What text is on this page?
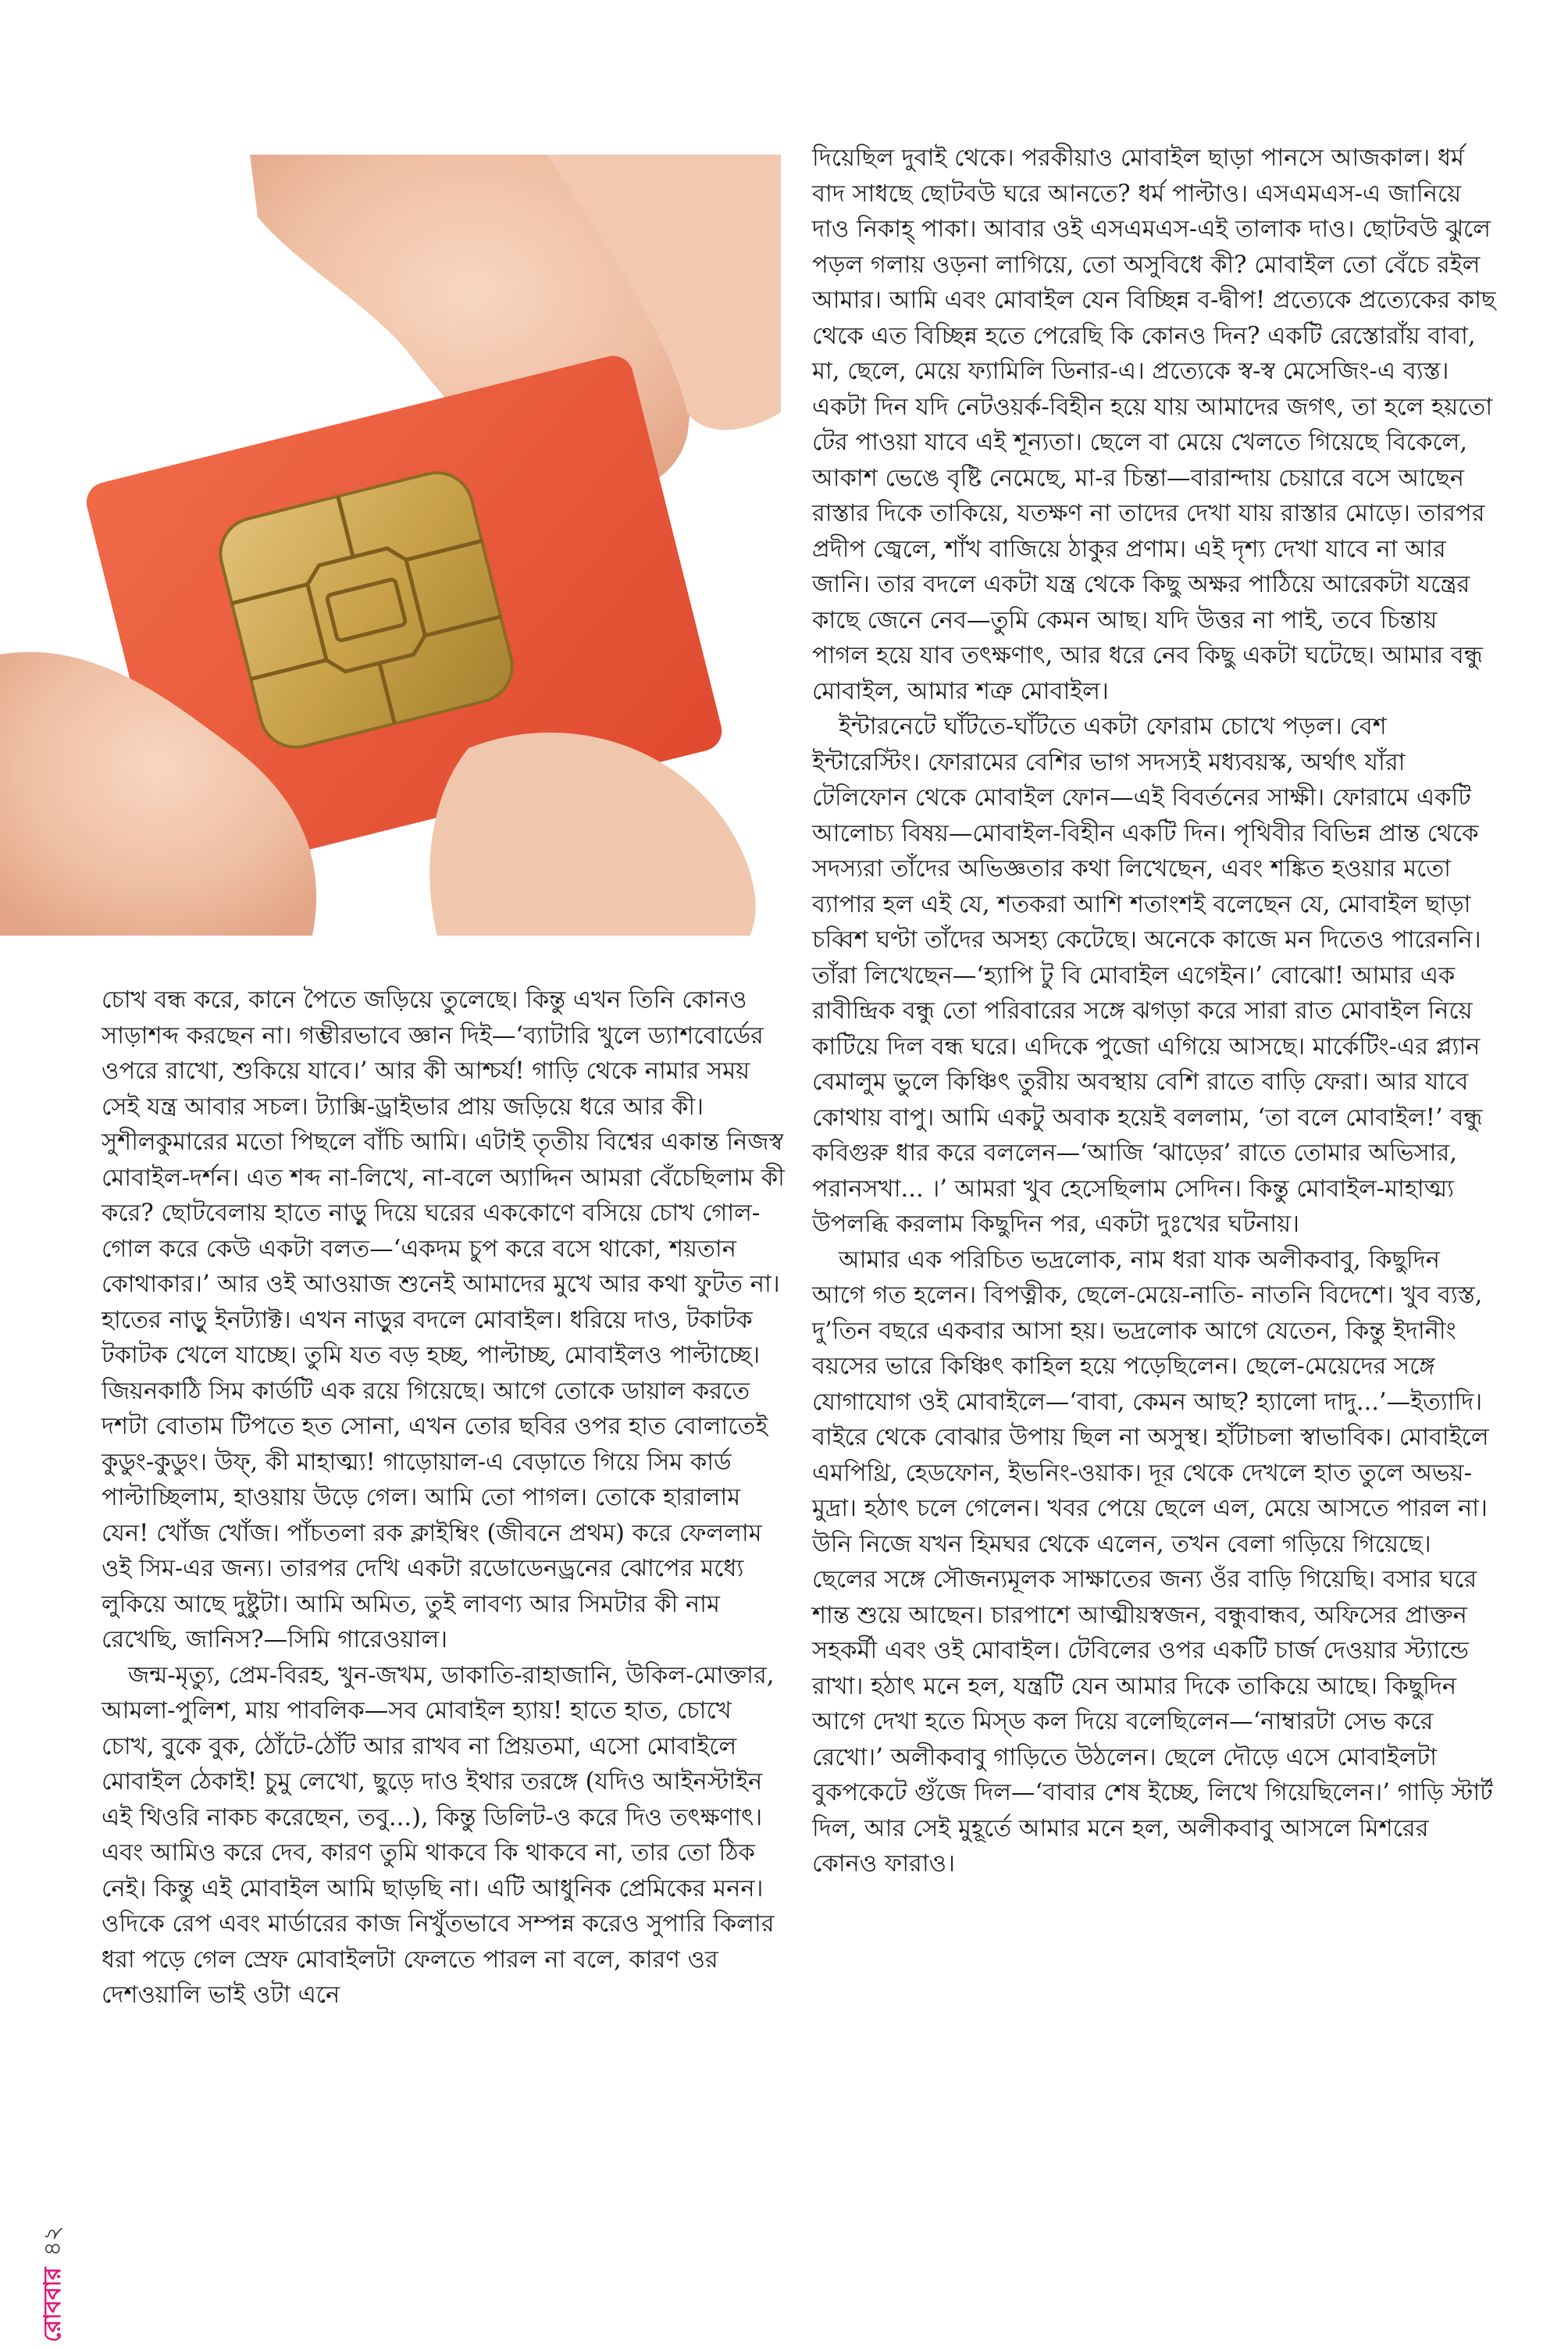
চোখ বন্ধ করে, কানে পৈতে জড়িয়ে তুলেছে। কিন্তু এখন তিনি কোনও সাড়াশব্দ করছেন না। গম্ভীরভাবে জ্ঞান দিই—‘ব্যাটারি খুলে ড্যাশবোর্ডের ওপরে রাখো, শুকিয়ে যাবে।’ আর কী আশ্চর্য! গাড়ি থেকে নামার সময় সেই যন্ত্র আবার সচল। ট্যাক্সি-ড্রাইভার প্রায় জড়িয়ে ধরে আর কী। সুশীলকুমারের মতো পিছলে বাঁচি আমি। এটাই তৃতীয় বিশ্বের একান্ত নিজস্ব মোবাইল-দর্শন। এত শব্দ না-লিখে, না-বলে অ্যাদ্দিন আমরা বেঁচেছিলাম কী করে? ছোটবেলায় হাতে নাড়ু দিয়ে ঘরের এককোণে বসিয়ে চোখ গোল-গোল করে কেউ একটা বলত—‘একদম চুপ করে বসে থাকো, শয়তান কোথাকার।’ আর ওই আওয়াজ শুনেই আমাদের মুখে আর কথা ফুটত না। হাতের নাড়ু ইনট্যাক্ট। এখন নাড়ুর বদলে মোবাইল। ধরিয়ে দাও, টকাটক টকাটক খেলে যাচ্ছে। তুমি যত বড় হচ্ছ, পাল্টাচ্ছ, মোবাইলও পাল্টাচ্ছে। জিয়নকাঠি সিম কার্ডটি এক রয়ে গিয়েছে। আগে তোকে ডায়াল করতে দশটা বোতাম টিপতে হত সোনা, এখন তোর ছবির ওপর হাত বোলাতেই কুডুং-কুডুং। উফ্‌, কী মাহাত্ম্য! গাড়োয়াল-এ বেড়াতে গিয়ে সিম কার্ড পাল্টাচ্ছিলাম, হাওয়ায় উড়ে গেল। আমি তো পাগল। তোকে হারালাম যেন! খোঁজ খোঁজ। পাঁচতলা রক ক্লাইম্বিং (জীবনে প্রথম) করে ফেললাম ওই সিম-এর জন্য। তারপর দেখি একটা রডোডেনড্রনের ঝোপের মধ্যে লুকিয়ে আছে দুষ্টুটা। আমি অমিত, তুই লাবণ্য আর সিমটার কী নাম রেখেছি, জানিস?—সিমি গারেওয়াল।

জন্ম-মৃত্যু, প্রেম-বিরহ, খুন-জখম, ডাকাতি-রাহাজানি, উকিল-মোক্তার, আমলা-পুলিশ, মায় পাবলিক—সব মোবাইল হ্যায়! হাতে হাত, চোখে চোখ, বুকে বুক, ঠোঁটে-ঠোঁট আর রাখব না প্রিয়তমা, এসো মোবাইলে মোবাইল ঠেকাই! চুমু লেখো, ছুড়ে দাও ইথার তরঙ্গে (যদিও আইনস্টাইন এই থিওরি নাকচ করেছেন, তবু...), কিন্তু ডিলিট-ও করে দিও তৎক্ষণাৎ। এবং আমিও করে দেব, কারণ তুমি থাকবে কি থাকবে না, তার তো ঠিক নেই। কিন্তু এই মোবাইল আমি ছাড়ছি না। এটি আধুনিক প্রেমিকের মনন। ওদিকে রেপ এবং মার্ডারের কাজ নিখুঁতভাবে সম্পন্ন করেও সুপারি কিলার ধরা পড়ে গেল স্রেফ মোবাইলটা ফেলতে পারল না বলে, কারণ ওর দেশওয়ালি ভাই ওটা এনে

দিয়েছিল দুবাই থেকে। পরকীয়াও মোবাইল ছাড়া পানসে আজকাল। ধর্ম বাদ সাধছে ছোটবউ ঘরে আনতে? ধর্ম পাল্টাও। এসএমএস-এ জানিয়ে দাও নিকাহ্‌ পাকা। আবার ওই এসএমএস-এই তালাক দাও। ছোটবউ ঝুলে পড়ল গলায় ওড়না লাগিয়ে, তো অসুবিধে কী? মোবাইল তো বেঁচে রইল আমার। আমি এবং মোবাইল যেন বিচ্ছিন্ন ব-দ্বীপ! প্রত্যেকে প্রত্যেকের কাছ থেকে এত বিচ্ছিন্ন হতে পেরেছি কি কোনও দিন? একটি রেস্তোরাঁয় বাবা, মা, ছেলে, মেয়ে ফ্যামিলি ডিনার-এ। প্রত্যেকে স্ব-স্ব মেসেজিং-এ ব্যস্ত। একটা দিন যদি নেটওয়র্ক-বিহীন হয়ে যায় আমাদের জগৎ, তা হলে হয়তো টের পাওয়া যাবে এই শূন্যতা। ছেলে বা মেয়ে খেলতে গিয়েছে বিকেলে, আকাশ ভেঙে বৃষ্টি নেমেছে, মা-র চিন্তা—বারান্দায় চেয়ারে বসে আছেন রাস্তার দিকে তাকিয়ে, যতক্ষণ না তাদের দেখা যায় রাস্তার মোড়ে। তারপর প্রদীপ জ্বেলে, শাঁখ বাজিয়ে ঠাকুর প্রণাম। এই দৃশ্য দেখা যাবে না আর জানি। তার বদলে একটা যন্ত্র থেকে কিছু অক্ষর পাঠিয়ে আরেকটা যন্ত্রের কাছে জেনে নেব—তুমি কেমন আছ। যদি উত্তর না পাই, তবে চিন্তায় পাগল হয়ে যাব তৎক্ষণাৎ, আর ধরে নেব কিছু একটা ঘটেছে। আমার বন্ধু মোবাইল, আমার শত্রু মোবাইল।

ইন্টারনেটে ঘাঁটতে-ঘাঁটতে একটা ফোরাম চোখে পড়ল। বেশ ইন্টারেস্টিং। ফোরামের বেশির ভাগ সদস্যই মধ্যবয়স্ক, অর্থাৎ যাঁরা টেলিফোন থেকে মোবাইল ফোন—এই বিবর্তনের সাক্ষী। ফোরামে একটি আলোচ্য বিষয়—মোবাইল-বিহীন একটি দিন। পৃথিবীর বিভিন্ন প্রান্ত থেকে সদস্যরা তাঁদের অভিজ্ঞতার কথা লিখেছেন, এবং শঙ্কিত হওয়ার মতো ব্যাপার হল এই যে, শতকরা আশি শতাংশই বলেছেন যে, মোবাইল ছাড়া চব্বিশ ঘণ্টা তাঁদের অসহ্য কেটেছে। অনেকে কাজে মন দিতেও পারেননি। তাঁরা লিখেছেন—‘হ্যাপি টু বি মোবাইল এগেইন।’ বোঝো! আমার এক রাবীন্দ্রিক বন্ধু তো পরিবারের সঙ্গে ঝগড়া করে সারা রাত মোবাইল নিয়ে কাটিয়ে দিল বন্ধ ঘরে। এদিকে পুজো এগিয়ে আসছে। মার্কেটিং-এর প্ল্যান বেমালুম ভুলে কিঞ্চিৎ তুরীয় অবস্থায় বেশি রাতে বাড়ি ফেরা। আর যাবে কোথায় বাপু। আমি একটু অবাক হয়েই বললাম, ‘তা বলে মোবাইল!’ বন্ধু কবিগুরু ধার করে বললেন—‘আজি ‘ঝাড়ের’ রাতে তোমার অভিসার, পরানসখা... ।’ আমরা খুব হেসেছিলাম সেদিন। কিন্তু মোবাইল-মাহাত্ম্য উপলব্ধি করলাম কিছুদিন পর, একটা দুঃখের ঘটনায়।

আমার এক পরিচিত ভদ্রলোক, নাম ধরা যাক অলীকবাবু, কিছুদিন আগে গত হলেন। বিপত্নীক, ছেলে-মেয়ে-নাতি- নাতনি বিদেশে। খুব ব্যস্ত, দু’তিন বছরে একবার আসা হয়। ভদ্রলোক আগে যেতেন, কিন্তু ইদানীং বয়সের ভারে কিঞ্চিৎ কাহিল হয়ে পড়েছিলেন। ছেলে-মেয়েদের সঙ্গে যোগাযোগ ওই মোবাইলে—‘বাবা, কেমন আছ? হ্যালো দাদু...’—ইত্যাদি। বাইরে থেকে বোঝার উপায় ছিল না অসুস্থ। হাঁটাচলা স্বাভাবিক। মোবাইলে এমপিথ্রি, হেডফোন, ইভনিং-ওয়াক। দূর থেকে দেখলে হাত তুলে অভয়-মুদ্রা। হঠাৎ চলে গেলেন। খবর পেয়ে ছেলে এল, মেয়ে আসতে পারল না। উনি নিজে যখন হিমঘর থেকে এলেন, তখন বেলা গড়িয়ে গিয়েছে। ছেলের সঙ্গে সৌজন্যমূলক সাক্ষাতের জন্য ওঁর বাড়ি গিয়েছি। বসার ঘরে শান্ত শুয়ে আছেন। চারপাশে আত্মীয়স্বজন, বন্ধুবান্ধব, অফিসের প্রাক্তন সহকর্মী এবং ওই মোবাইল। টেবিলের ওপর একটি চার্জ দেওয়ার স্ট্যান্ডে রাখা। হঠাৎ মনে হল, যন্ত্রটি যেন আমার দিকে তাকিয়ে আছে। কিছুদিন আগে দেখা হতে মিস্‌ড কল দিয়ে বলেছিলেন—‘নাম্বারটা সেভ করে রেখো।’ অলীকবাবু গাড়িতে উঠলেন। ছেলে দৌড়ে এসে মোবাইলটা বুকপকেটে গুঁজে দিল—‘বাবার শেষ ইচ্ছে, লিখে গিয়েছিলেন।’ গাড়ি স্টার্ট দিল, আর সেই মুহূর্তে আমার মনে হল, অলীকবাবু আসলে মিশরের কোনও ফারাও।

রোববার
৪২
